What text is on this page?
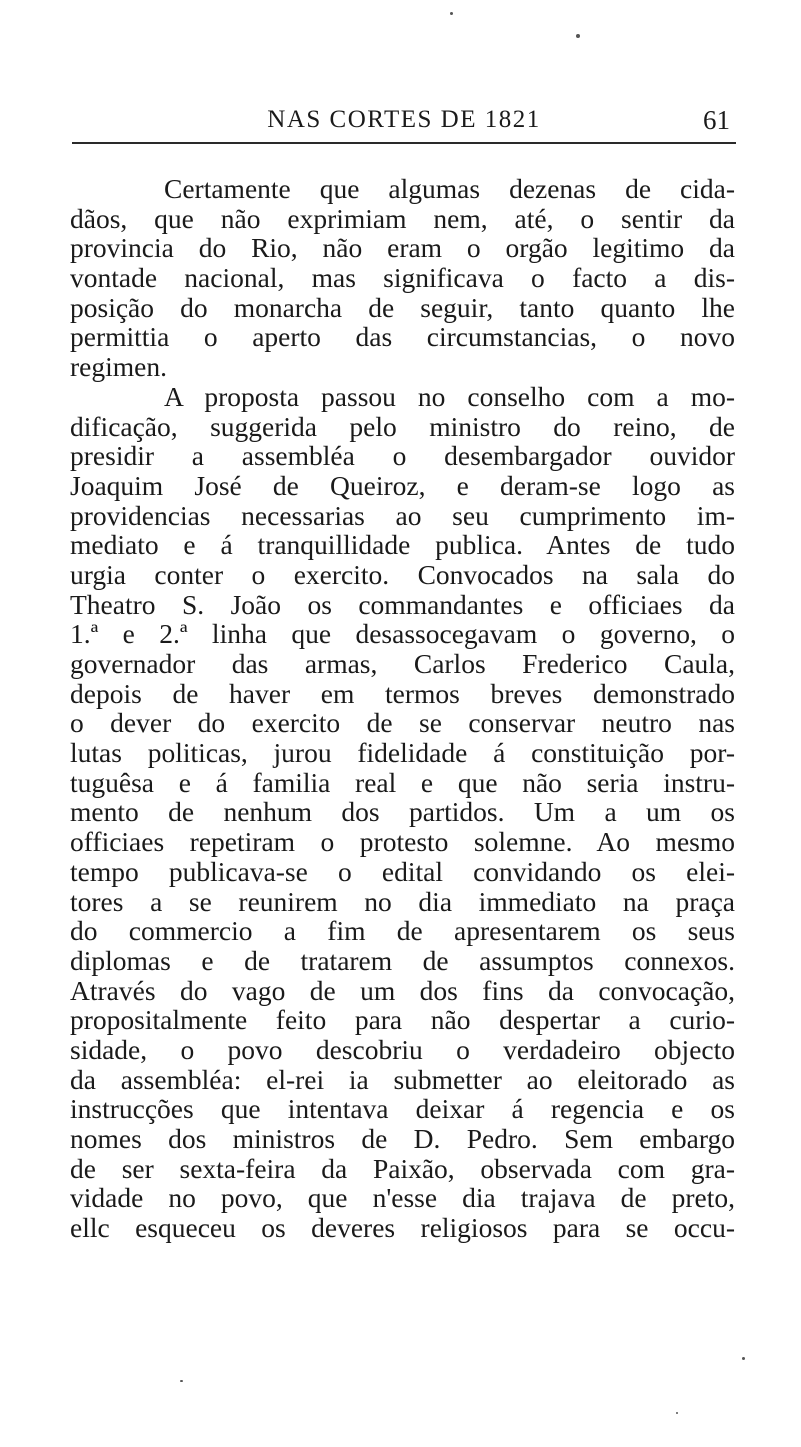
NAS CORTES DE 1821	61
Certamente que algumas dezenas de cida-
dãos, que não exprimiam nem, até, o sentir da
provincia do Rio, não eram o orgão legitimo da
vontade nacional, mas significava o facto a dis-
posição do monarcha de seguir, tanto quanto lhe
permittia o aperto das circumstancias, o novo
regimen.
A proposta passou no conselho com a mo-
dificação, suggerida pelo ministro do reino, de
presidir a assembléa o desembargador ouvidor
Joaquim José de Queiroz, e deram-se logo as
providencias necessarias ao seu cumprimento im-
mediato e á tranquillidade publica. Antes de tudo
urgia conter o exercito. Convocados na sala do
Theatro S. João os commandantes e officiaes da
1.ª e 2.ª linha que desassocegavam o governo, o
governador das armas, Carlos Frederico Caula,
depois de haver em termos breves demonstrado
o dever do exercito de se conservar neutro nas
lutas politicas, jurou fidelidade á constituição por-
tuguêsa e á familia real e que não seria instru-
mento de nenhum dos partidos. Um a um os
officiaes repetiram o protesto solemne. Ao mesmo
tempo publicava-se o edital convidando os elei-
tores a se reunirem no dia immediato na praça
do commercio a fim de apresentarem os seus
diplomas e de tratarem de assumptos connexos.
Através do vago de um dos fins da convocação,
propositalmente feito para não despertar a curio-
sidade, o povo descobriu o verdadeiro objecto
da assembléa: el-rei ia submetter ao eleitorado as
instrucções que intentava deixar á regencia e os
nomes dos ministros de D. Pedro. Sem embargo
de ser sexta-feira da Paixão, observada com gra-
vidade no povo, que n'esse dia trajava de preto,
ellc esqueceu os deveres religiosos para se occu-
